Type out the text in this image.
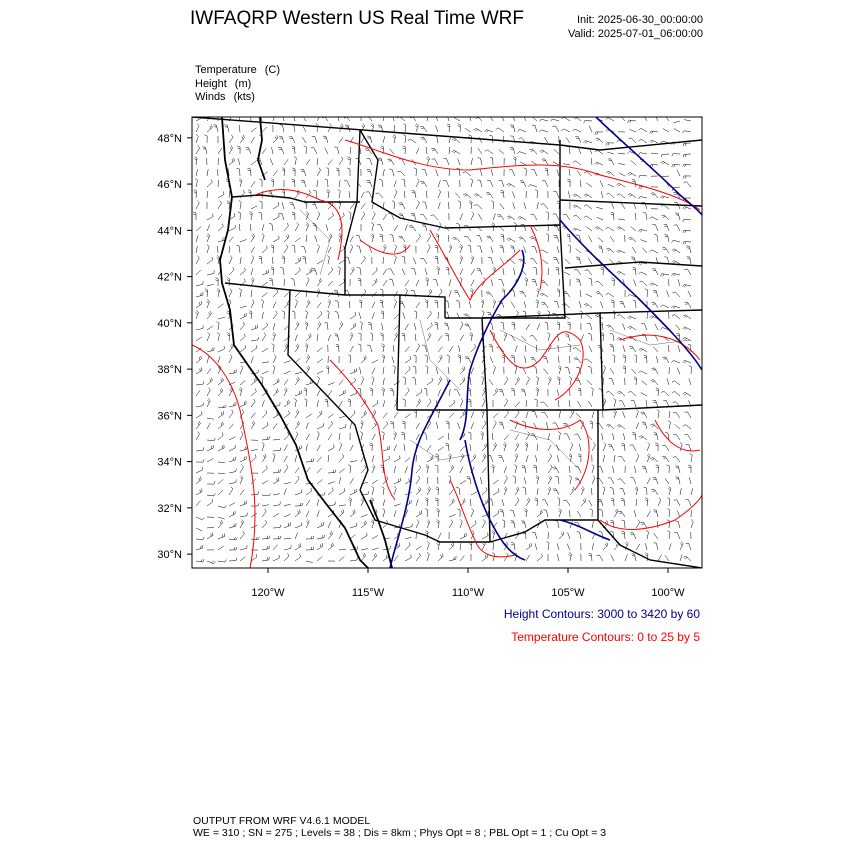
IWFAQRP Western US Real Time WRF	Init: 2025-06-30_00:00:00
Valid: 2025-07-01_06:00:00
Temperature (C)
Height (m)
Winds (kts)
48°N
46°N
44°N
42°N
40°N
38°N
36°N
34°N
32°N
30°N
120°W	115°W	110°W	105°W	100°W
Height Contours: 3000 to 3420 by 60
Temperature Contours: 0 to 25 by 5
OUTPUT FROM WRF V4.6.1 MODEL
WE = 310 ; SN = 275 ; Levels = 38 ; Dis = 8km ; Phys Opt = 8 ; PBL Opt = 1 ; Cu Opt = 3
